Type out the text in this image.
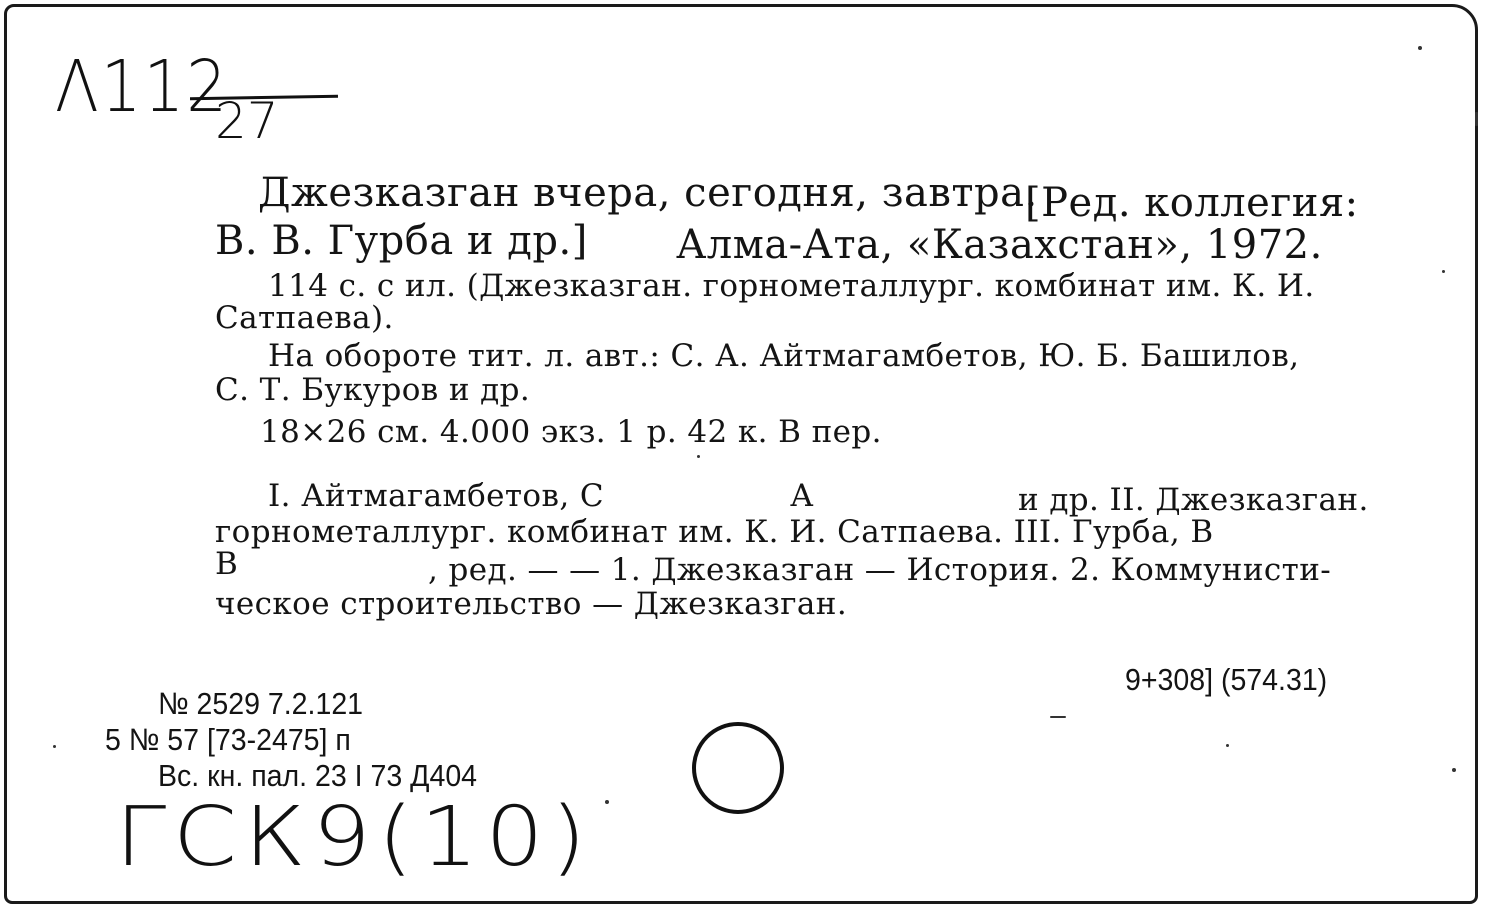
Λ112
27
Джезказган вчера, сегодня, завтра.
[Ред. коллегия:
В. В. Гурба и др.] Алма-Ата, «Казахстан», 1972.
114 с. с ил. (Джезказган. горнометаллург. комбинат им. К. И.
Сатпаева).
На обороте тит. л. авт.: С. А. Айтмагамбетов, Ю. Б. Башилов,
С. Т. Букуров и др.
18×26 см. 4.000 экз. 1 р. 42 к. В пер.
I. Айтмагамбетов, С	А	и др. II. Джезказган.
горнометаллург. комбинат им. К. И. Сатпаева. III. Гурба, В
В	, ред. — — 1. Джезказган — История. 2. Коммунисти-
ческое строительство — Джезказган.
9+308] (574.31)
№ 2529 7.2.121
5 № 57 [73-2475] п
Вс. кн. пал. 23 I 73 Д404
ГСК9(10)
